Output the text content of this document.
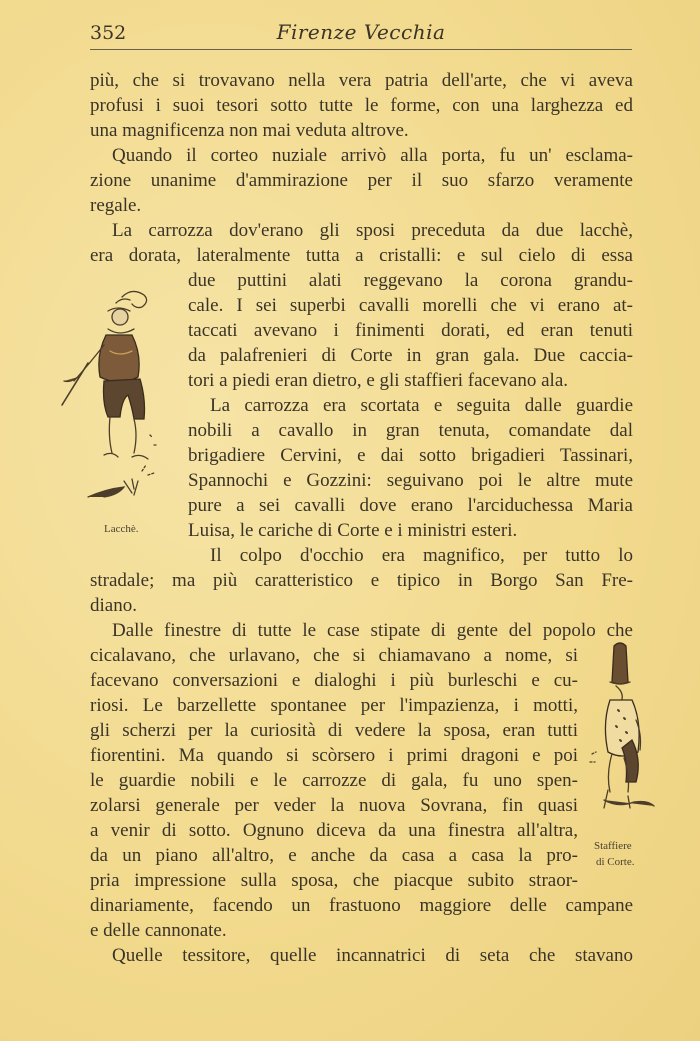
352	Firenze Vecchia
più, che si trovavano nella vera patria dell'arte, che vi aveva
profusi i suoi tesori sotto tutte le forme, con una larghezza ed
una magnificenza non mai veduta altrove.
Quando il corteo nuziale arrivò alla porta, fu un' esclama-
zione unanime d'ammirazione per il suo sfarzo veramente
regale.
La carrozza dov'erano gli sposi preceduta da due lacchè,
era dorata, lateralmente tutta a cristalli: e sul cielo di essa
due puttini alati reggevano la corona grandu-
cale. I sei superbi cavalli morelli che vi erano at-
taccati avevano i finimenti dorati, ed eran tenuti
da palafrenieri di Corte in gran gala. Due caccia-
tori a piedi eran dietro, e gli staffieri facevano ala.
La carrozza era scortata e seguita dalle guardie
nobili a cavallo in gran tenuta, comandate dal
brigadiere Cervini, e dai sotto brigadieri Tassinari,
Spannochi e Gozzini: seguivano poi le altre mute
pure a sei cavalli dove erano l'arciduchessa Maria
Luisa, le cariche di Corte e i ministri esteri.
Il colpo d'occhio era magnifico, per tutto lo
stradale; ma più caratteristico e tipico in Borgo San Fre-
diano.
Dalle finestre di tutte le case stipate di gente del popolo che
cicalavano, che urlavano, che si chiamavano a nome, si
facevano conversazioni e dialoghi i più burleschi e cu-
riosi. Le barzellette spontanee per l'impazienza, i motti,
gli scherzi per la curiosità di vedere la sposa, eran tutti
fiorentini. Ma quando si scòrsero i primi dragoni e poi
le guardie nobili e le carrozze di gala, fu uno spen-
zolarsi generale per veder la nuova Sovrana, fin quasi
a venir di sotto. Ognuno diceva da una finestra all'altra,
da un piano all'altro, e anche da casa a casa la pro-
pria impressione sulla sposa, che piacque subito straor-
dinariamente, facendo un frastuono maggiore delle campane
e delle cannonate.
Quelle tessitore, quelle incannatrici di seta che stavano
Lacchè.
Staffiere
di Corte.
